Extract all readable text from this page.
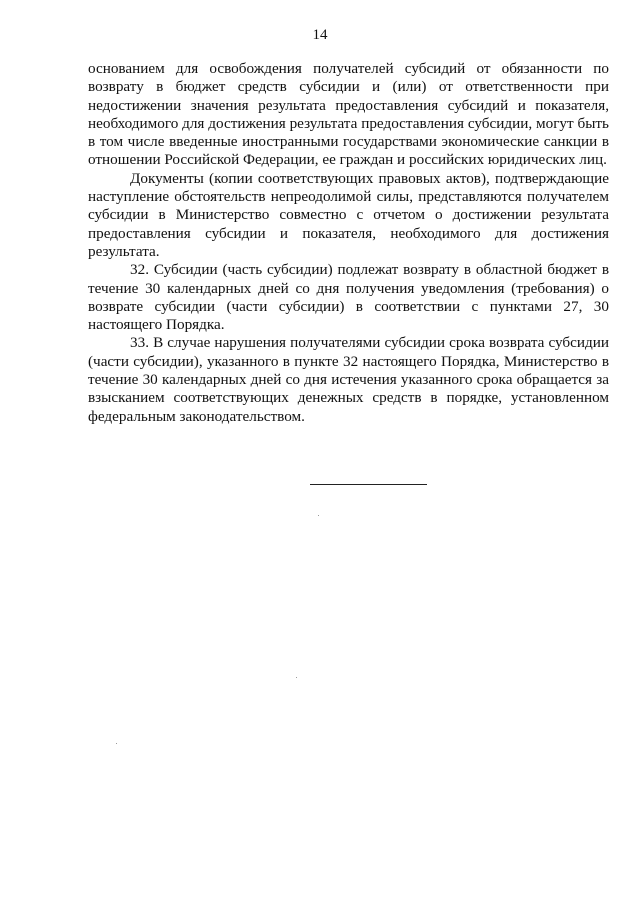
14

основанием для освобождения получателей субсидий от обязанности по возврату в бюджет средств субсидии и (или) от ответственности при недостижении значения результата предоставления субсидий и показателя, необходимого для достижения результата предоставления субсидии, могут быть в том числе введенные иностранными государствами экономические санкции в отношении Российской Федерации, ее граждан и российских юридических лиц.

Документы (копии соответствующих правовых актов), подтверждающие наступление обстоятельств непреодолимой силы, представляются получателем субсидии в Министерство совместно с отчетом о достижении результата предоставления субсидии и показателя, необходимого для достижения результата.

32. Субсидии (часть субсидии) подлежат возврату в областной бюджет в течение 30 календарных дней со дня получения уведомления (требования) о возврате субсидии (части субсидии) в соответствии с пунктами 27, 30 настоящего Порядка.

33. В случае нарушения получателями субсидии срока возврата субсидии (части субсидии), указанного в пункте 32 настоящего Порядка, Министерство в течение 30 календарных дней со дня истечения указанного срока обращается за взысканием соответствующих денежных средств в порядке, установленном федеральным законодательством.
